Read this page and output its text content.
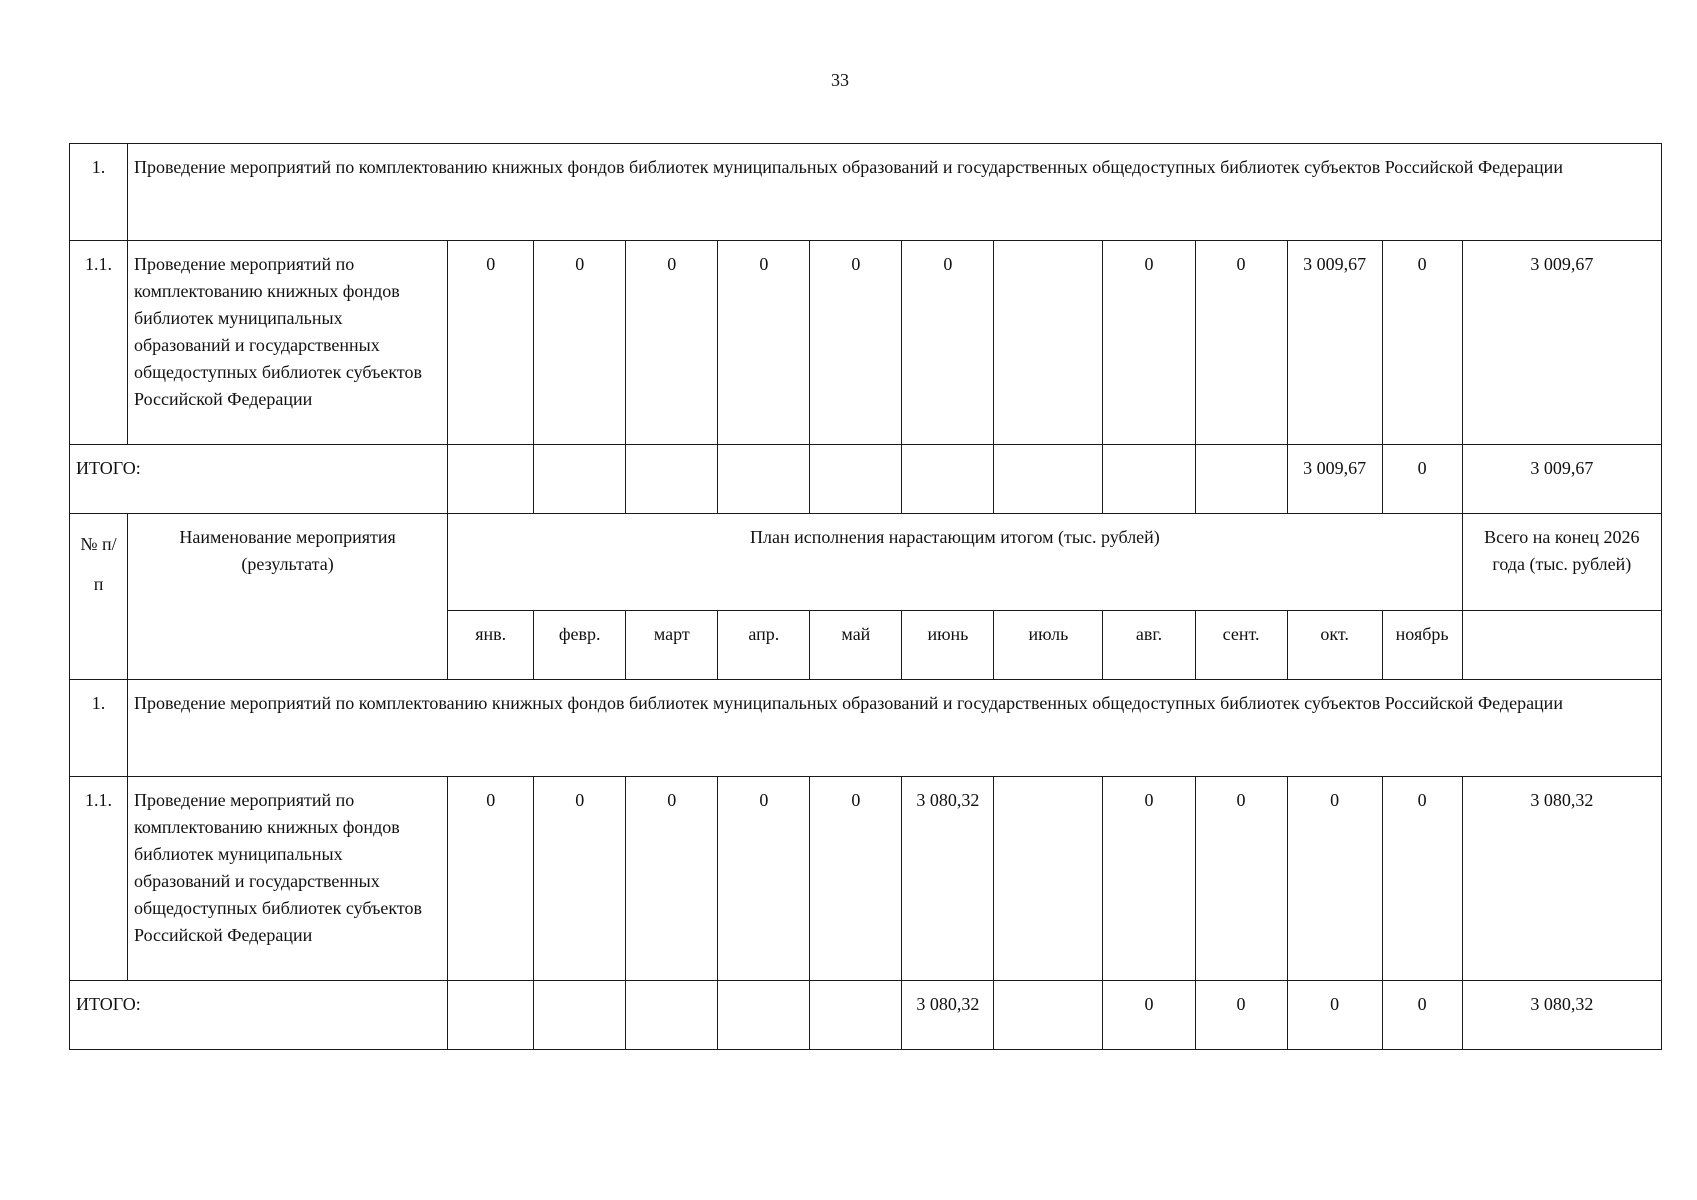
33
1.	Проведение мероприятий по комплектованию книжных фондов библиотек муниципальных образований и государственных общедоступных библиотек субъектов Российской Федерации												
1.1.	Проведение мероприятий по комплектованию книжных фондов библиотек муниципальных образований и государственных общедоступных библиотек субъектов Российской Федерации	0	0	0	0	0	0		0	0	3 009,67	0	3 009,67
ИТОГО:											3 009,67	0	3 009,67
№ п/п	Наименование мероприятия (результата)	План исполнения нарастающим итогом (тыс. рублей)											Всего на конец 2026 года (тыс. рублей)
		янв.	февр.	март	апр.	май	июнь	июль	авг.	сент.	окт.	ноябрь	
1.	Проведение мероприятий по комплектованию книжных фондов библиотек муниципальных образований и государственных общедоступных библиотек субъектов Российской Федерации												
1.1.	Проведение мероприятий по комплектованию книжных фондов библиотек муниципальных образований и государственных общедоступных библиотек субъектов Российской Федерации	0	0	0	0	0	3 080,32		0	0	0	0	3 080,32
ИТОГО:							3 080,32		0	0	0	0	3 080,32
